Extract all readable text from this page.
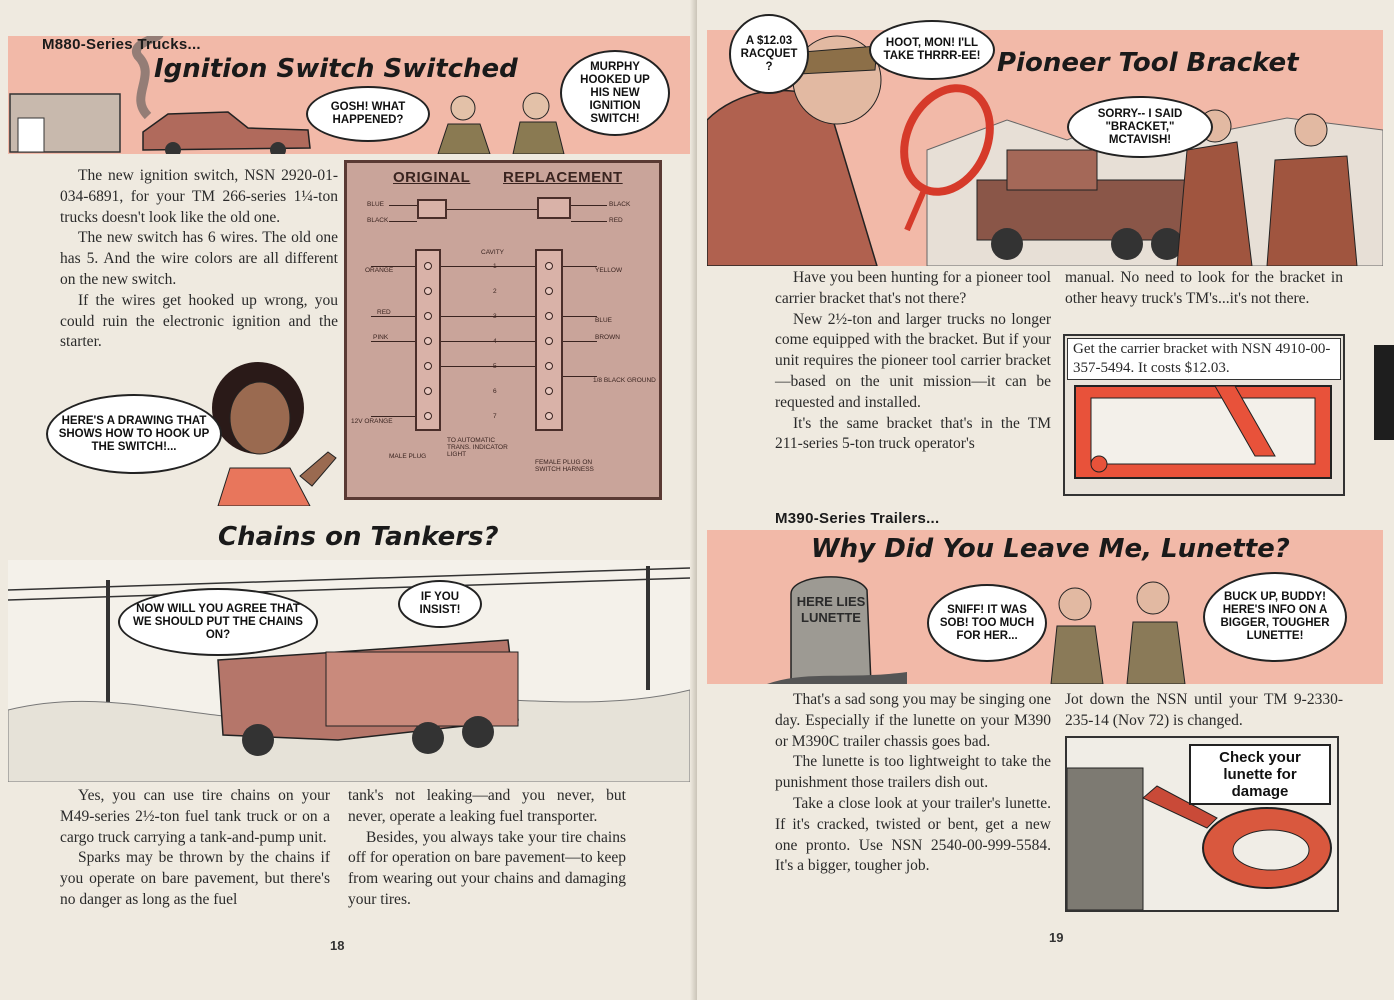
M880-Series Trucks...
Ignition Switch Switched
GOSH! WHAT HAPPENED?
MURPHY HOOKED UP HIS NEW IGNITION SWITCH!

The new ignition switch, NSN 2920-01-034-6891, for your TM 266-series 1¼-ton trucks doesn't look like the old one.

The new switch has 6 wires. The old one has 5. And the wire colors are all different on the new switch.

If the wires get hooked up wrong, you could ruin the electronic ignition and the starter.

ORIGINAL REPLACEMENT
BLUE
BLACK
BLACK
RED
CAVITY
2
6
7
ORANGE
RED
PINK
12V ORANGE
YELLOW
BLUE
BROWN
1/8 BLACK GROUND
MALE PLUG
TO AUTOMATIC TRANS. INDICATOR LIGHT
FEMALE PLUG ON SWITCH HARNESS
HERE'S A DRAWING THAT SHOWS HOW TO HOOK UP THE SWITCH!...
Chains on Tankers?
NOW WILL YOU AGREE THAT WE SHOULD PUT THE CHAINS ON?
IF YOU INSIST!

Yes, you can use tire chains on your M49-series 2½-ton fuel tank truck or on a cargo truck carrying a tank-and-pump unit.

Sparks may be thrown by the chains if you operate on bare pavement, but there's no danger as long as the fuel

tank's not leaking—and you never, but never, operate a leaking fuel transporter.

Besides, you always take your tire chains off for operation on bare pavement—to keep from wearing out your chains and damaging your tires.

18
Pioneer Tool Bracket
A $12.03 RACQUET ?
HOOT, MON! I'LL TAKE THRRR-EE!
SORRY-- I SAID "BRACKET," MCTAVISH!

Have you been hunting for a pioneer tool carrier bracket that's not there?

New 2½-ton and larger trucks no longer come equipped with the bracket. But if your unit requires the pioneer tool carrier bracket—based on the unit mission—it can be requested and installed.

It's the same bracket that's in the TM 211-series 5-ton truck operator's

manual. No need to look for the bracket in other heavy truck's TM's...it's not there.

Get the carrier bracket with NSN 4910-00-357-5494. It costs $12.03.
M390-Series Trailers...
Why Did You Leave Me, Lunette?
HERE LIES LUNETTE
SNIFF! IT WAS SOB! TOO MUCH FOR HER...
BUCK UP, BUDDY! HERE'S INFO ON A BIGGER, TOUGHER LUNETTE!

That's a sad song you may be singing one day. Especially if the lunette on your M390 or M390C trailer chassis goes bad.

The lunette is too lightweight to take the punishment those trailers dish out.

Take a close look at your trailer's lunette. If it's cracked, twisted or bent, get a new one pronto. Use NSN 2540-00-999-5584. It's a bigger, tougher job.

Jot down the NSN until your TM 9-2330-235-14 (Nov 72) is changed.

Check your lunette for damage
19
